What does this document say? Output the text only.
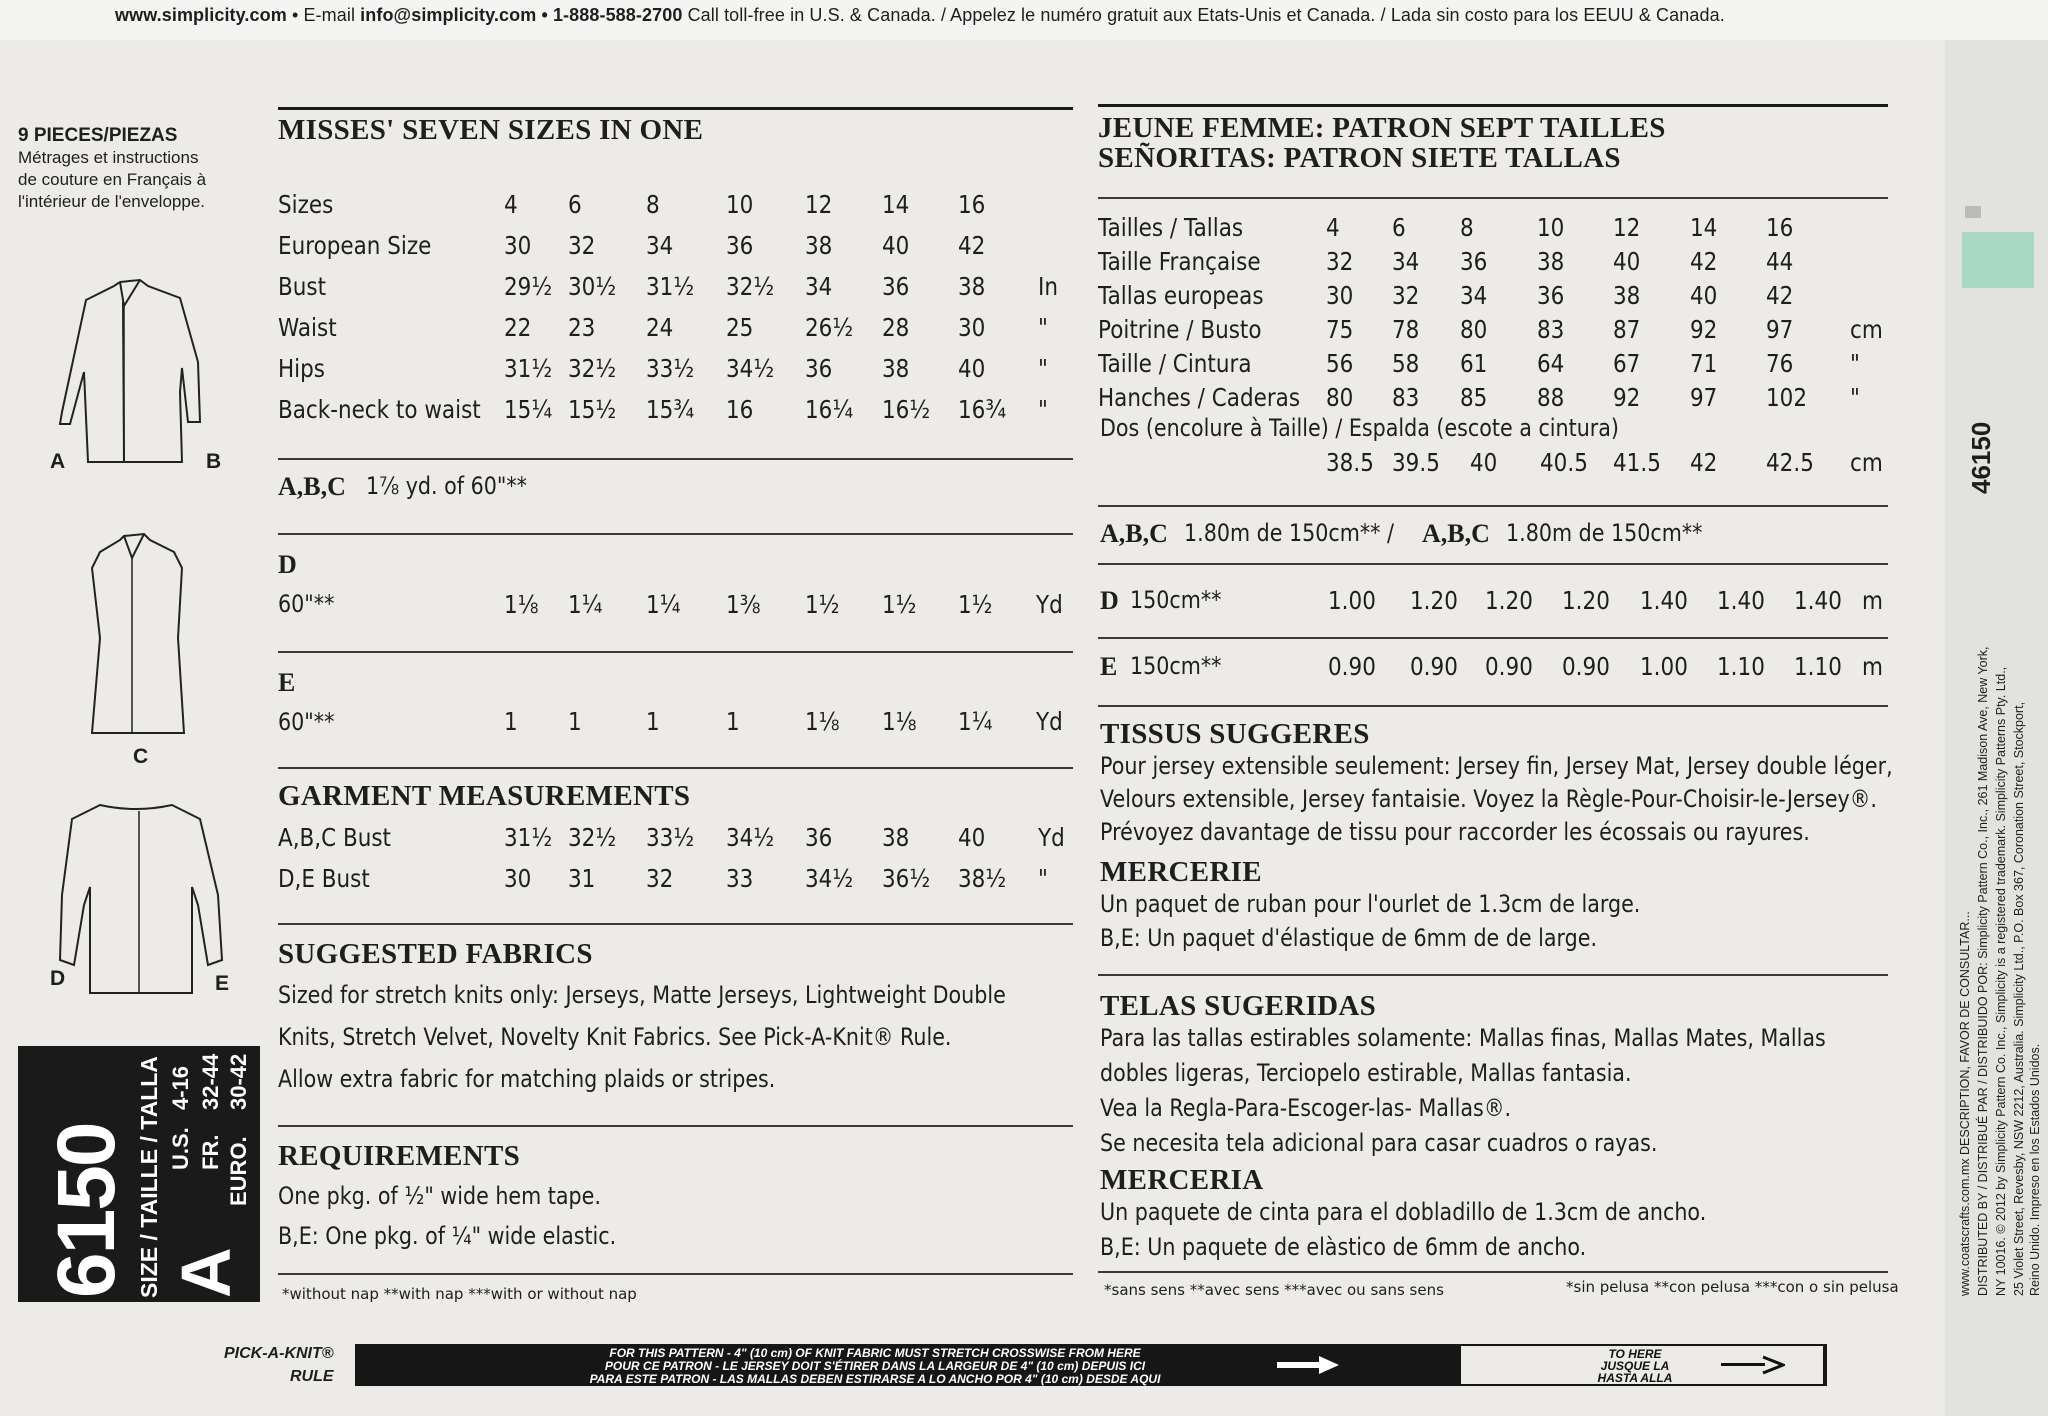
www.simplicity.com • E-mail info@simplicity.com • 1-888-588-2700 Call toll-free in U.S. & Canada. / Appelez le numéro gratuit aux Etats-Unis et Canada. / Lada sin costo para los EEUU & Canada.
9 PIECES/PIEZAS
Métrages et instructions
de couture en Français à
l'intérieur de l'enveloppe.
A	B
C
D	E
6150 SIZE / TAILLE / TALLA A
U.S.
4-16
FR.
32-44
EURO.
30-42
MISSES' SEVEN SIZES IN ONE
Sizes	4 6	8	10 12 14 16
European Size	30 32 34 36 38 40 42
Bust	29½ 30½ 31½ 32½ 34 36 38 In
Waist	22 23 24 25 26½ 28 30 "
Hips	31½ 32½ 33½ 34½ 36 38 40 "
Back-neck to waist 15¼ 15½ 15¾ 16 16¼ 16½ 16¾ "
A,B,C 1⅞ yd. of 60"**
D
60"**	1⅛ 1¼ 1¼ 1⅜ 1½ 1½ 1½ Yd
E
60"**	1 1	1	1	1⅛ 1⅛ 1¼ Yd
GARMENT MEASUREMENTS
A,B,C Bust	31½ 32½ 33½ 34½ 36 38 40 Yd
D,E Bust	30 31 32 33 34½ 36½ 38½ "
SUGGESTED FABRICS
Sized for stretch knits only: Jerseys, Matte Jerseys, Lightweight Double
Knits, Stretch Velvet, Novelty Knit Fabrics. See Pick-A-Knit® Rule.
Allow extra fabric for matching plaids or stripes.
REQUIREMENTS
One pkg. of ½" wide hem tape.
B,E: One pkg. of ¼" wide elastic.
*without nap **with nap ***with or without nap
JEUNE FEMME: PATRON SEPT TAILLES
SEÑORITAS: PATRON SIETE TALLAS
Tailles / Tallas	4 6 8	10 12 14 16
Taille Française	32 34 36 38 40 42 44
Tallas europeas 30 32 34 36 38 40 42
Poitrine / Busto	75 78 80 83 87 92 97 cm
Taille / Cintura	56 58 61 64 67 71 76 "
Hanches / Caderas 80 83 85 88 92 97 102 "
Dos (encolure à Taille) / Espalda (escote a cintura)
38.5 39.5 40 40.5 41.5 42 42.5 cm
A,B,C 1.80m de 150cm** / A,B,C 1.80m de 150cm**
D 150cm**	1.00 1.20 1.20 1.20 1.40 1.40 1.40 m
E 150cm**	0.90 0.90 0.90 0.90 1.00 1.10 1.10 m
TISSUS SUGGERES
Pour jersey extensible seulement: Jersey fin, Jersey Mat, Jersey double léger,
Velours extensible, Jersey fantaisie. Voyez la Règle-Pour-Choisir-le-Jersey®.
Prévoyez davantage de tissu pour raccorder les écossais ou rayures.
MERCERIE
Un paquet de ruban pour l'ourlet de 1.3cm de large.
B,E: Un paquet d'élastique de 6mm de de large.
TELAS SUGERIDAS
Para las tallas estirables solamente: Mallas finas, Mallas Mates, Mallas
dobles ligeras, Terciopelo estirable, Mallas fantasia.
Vea la Regla-Para-Escoger-las- Mallas®.
Se necesita tela adicional para casar cuadros o rayas.
MERCERIA
Un paquete de cinta para el dobladillo de 1.3cm de ancho.
B,E: Un paquete de elàstico de 6mm de ancho.
*sans sens **avec sens ***avec ou sans sens	*sin pelusa **con pelusa ***con o sin pelusa
46150
www.coatscrafts.com.mx DESCRIPTION, FAVOR DE CONSULTAR... DISTRIBUTED BY / DISTRIBUÉ PAR / DISTRIBUIDO POR: Simplicity Pattern Co., Inc., 261 Madison Ave, New York, NY 10016. © 2012 by Simplicity Pattern Co. Inc., Simplicity is a registered trademark. Simplicity Patterns Pty. Ltd., 25 Violet Street, Revesby, NSW 2212, Australia. Simplicity Ltd., P.O. Box 367, Coronation Street, Stockport, Reino Unido. Impreso en los Estados Unidos.
PICK-A-KNIT®
RULE
FOR THIS PATTERN - 4" (10 cm) OF KNIT FABRIC MUST STRETCH CROSSWISE FROM HERE
POUR CE PATRON - LE JERSEY DOIT S'ÉTIRER DANS LA LARGEUR DE 4" (10 cm) DEPUIS ICI
PARA ESTE PATRON - LAS MALLAS DEBEN ESTIRARSE A LO ANCHO POR 4" (10 cm) DESDE AQUI
TO HERE
JUSQUE LA
HASTA ALLA
